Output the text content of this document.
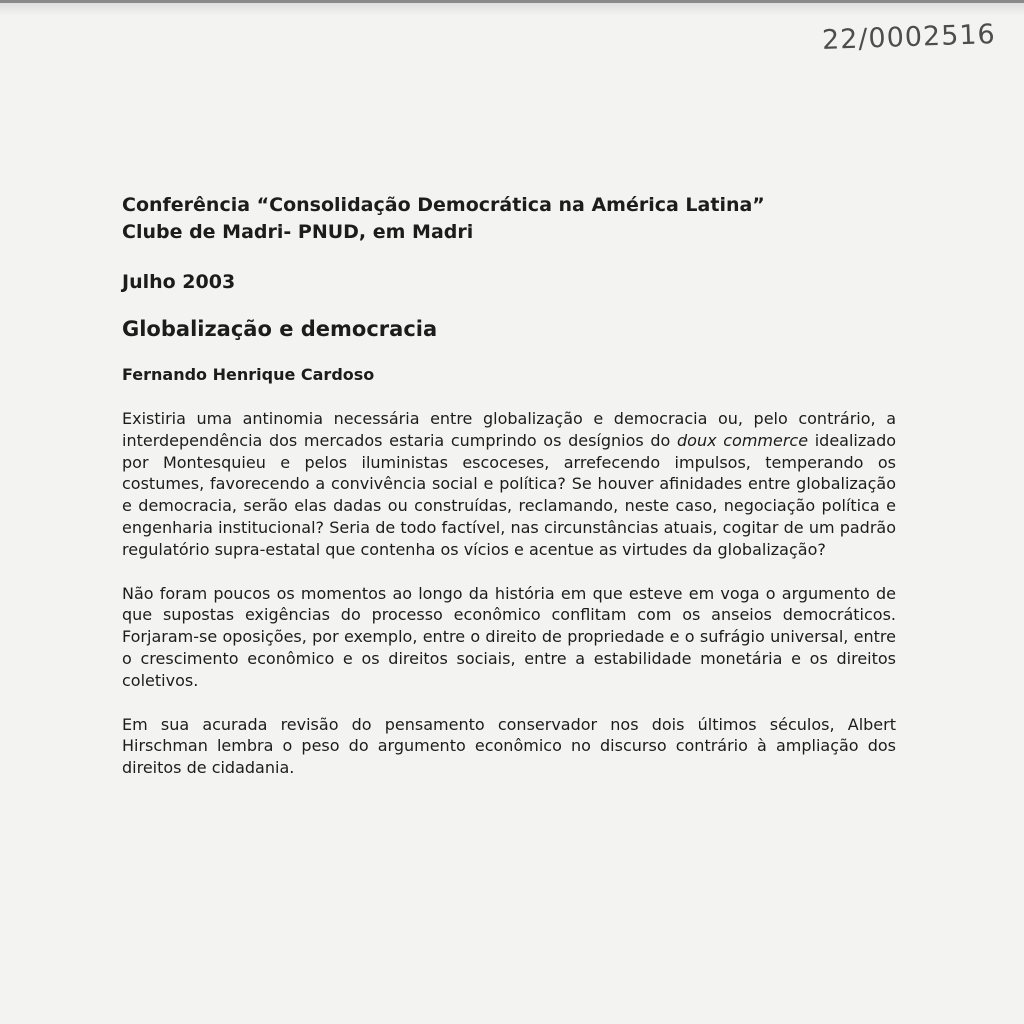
22/0002516

Conferência “Consolidação Democrática na América Latina”

Clube de Madri- PNUD, em Madri

Julho 2003

Globalização e democracia

Fernando Henrique Cardoso

Existiria uma antinomia necessária entre globalização e democracia ou, pelo contrário, a interdependência dos mercados estaria cumprindo os desígnios do doux commerce idealizado por Montesquieu e pelos iluministas escoceses, arrefecendo impulsos, temperando os costumes, favorecendo a convivência social e política? Se houver afinidades entre globalização e democracia, serão elas dadas ou construídas, reclamando, neste caso, negociação política e engenharia institucional? Seria de todo factível, nas circunstâncias atuais, cogitar de um padrão regulatório supra-estatal que contenha os vícios e acentue as virtudes da globalização?

Não foram poucos os momentos ao longo da história em que esteve em voga o argumento de que supostas exigências do processo econômico conflitam com os anseios democráticos. Forjaram-se oposições, por exemplo, entre o direito de propriedade e o sufrágio universal, entre o crescimento econômico e os direitos sociais, entre a estabilidade monetária e os direitos coletivos.

Em sua acurada revisão do pensamento conservador nos dois últimos séculos, Albert Hirschman lembra o peso do argumento econômico no discurso contrário à ampliação dos direitos de cidadania.
